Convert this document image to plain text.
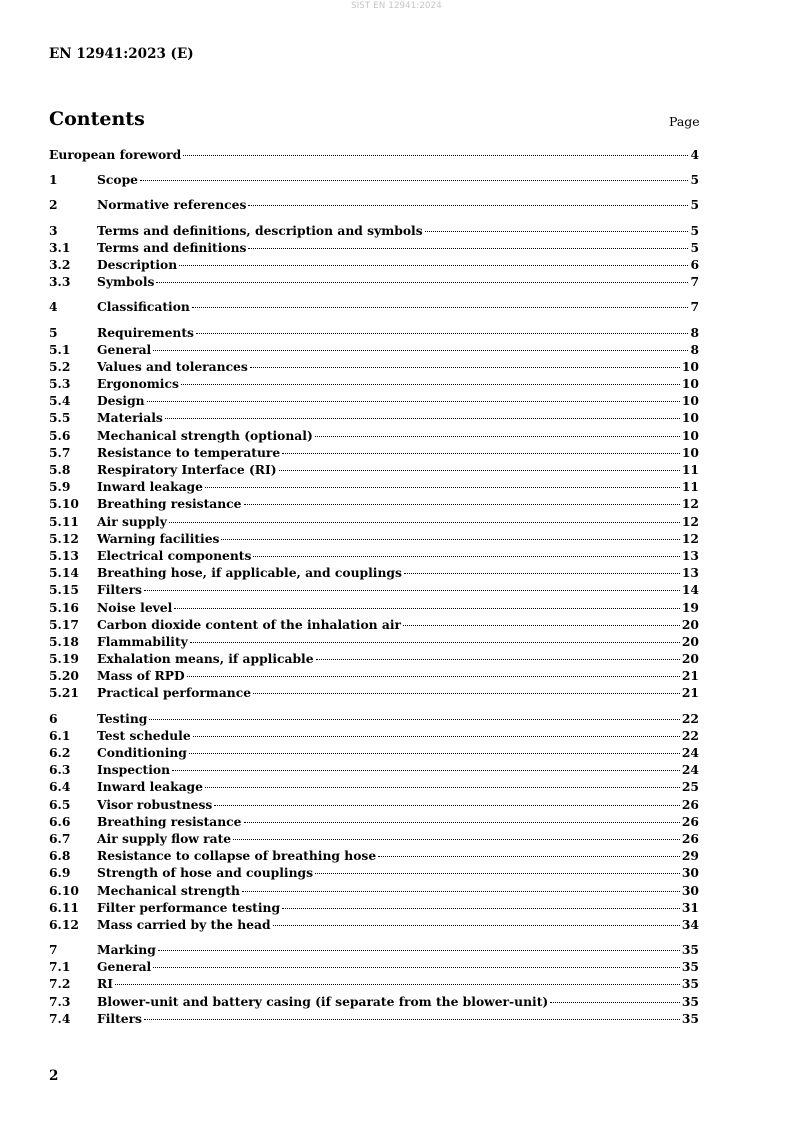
SIST EN 12941:2024
EN 12941:2023 (E)
Contents	Page
European foreword	4
1	Scope	5
2	Normative references	5
3	Terms and definitions, description and symbols	5
3.1	Terms and definitions	5
3.2	Description	6
3.3	Symbols	7
4	Classification	7
5	Requirements	8
5.1	General	8
5.2	Values and tolerances	10
5.3	Ergonomics	10
5.4	Design	10
5.5	Materials	10
5.6	Mechanical strength (optional)	10
5.7	Resistance to temperature	10
5.8	Respiratory Interface (RI)	11
5.9	Inward leakage	11
5.10	Breathing resistance	12
5.11	Air supply	12
5.12	Warning facilities	12
5.13	Electrical components	13
5.14	Breathing hose, if applicable, and couplings	13
5.15	Filters	14
5.16	Noise level	19
5.17	Carbon dioxide content of the inhalation air	20
5.18	Flammability	20
5.19	Exhalation means, if applicable	20
5.20	Mass of RPD	21
5.21	Practical performance	21
6	Testing	22
6.1	Test schedule	22
6.2	Conditioning	24
6.3	Inspection	24
6.4	Inward leakage	25
6.5	Visor robustness	26
6.6	Breathing resistance	26
6.7	Air supply flow rate	26
6.8	Resistance to collapse of breathing hose	29
6.9	Strength of hose and couplings	30
6.10	Mechanical strength	30
6.11	Filter performance testing	31
6.12	Mass carried by the head	34
7	Marking	35
7.1	General	35
7.2	RI	35
7.3	Blower-unit and battery casing (if separate from the blower-unit)	35
7.4	Filters	35
2
